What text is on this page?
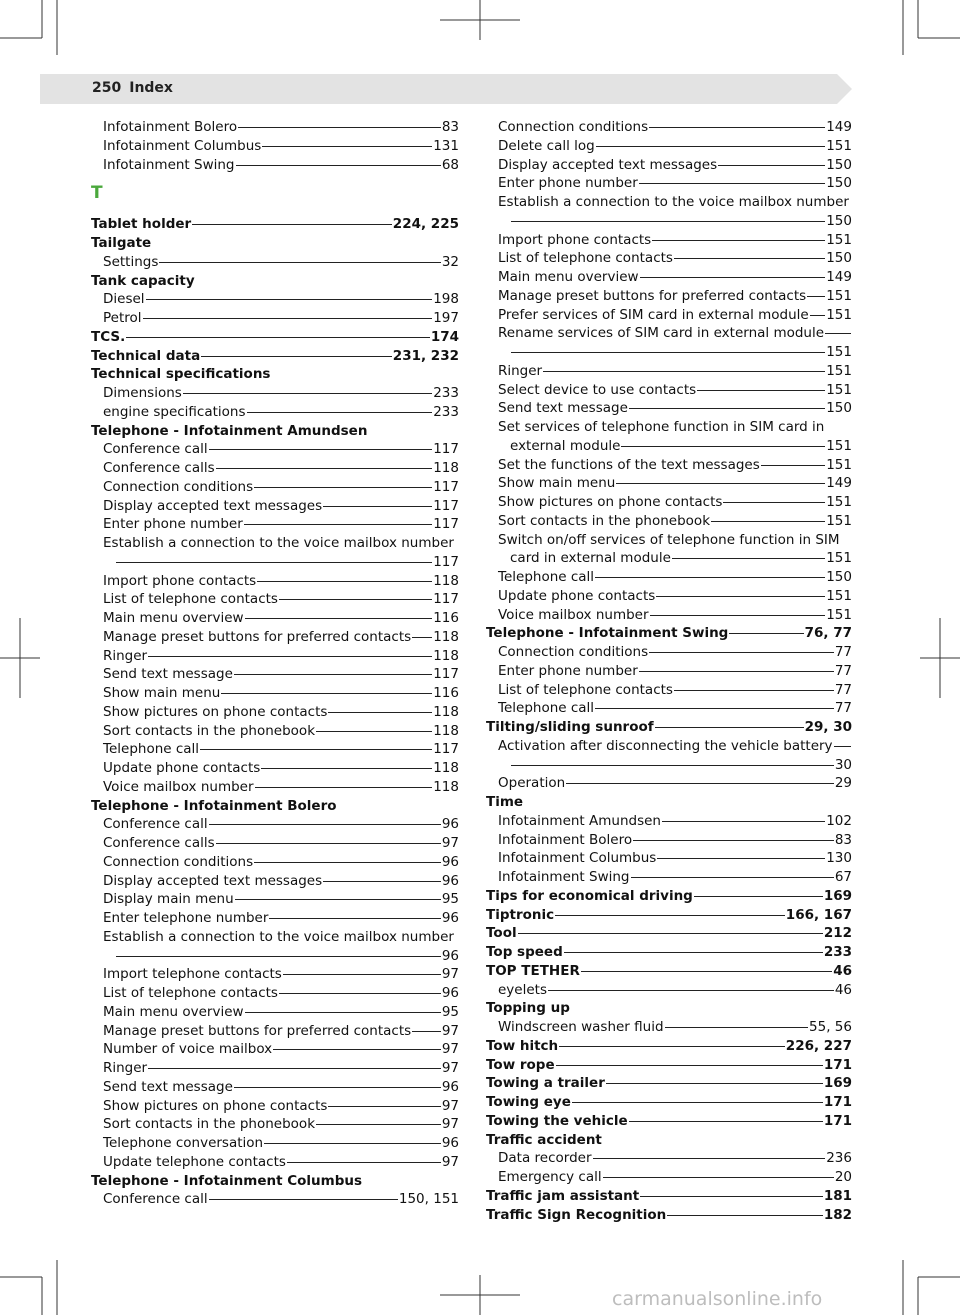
250 Index
Infotainment Bolero	83
Infotainment Columbus	131
Infotainment Swing	68
T
Tablet holder	224, 225
Tailgate
Settings	32
Tank capacity
Diesel	198
Petrol	197
TCS.	174
Technical data	231, 232
Technical specifications
Dimensions	233
engine specifications	233
Telephone - Infotainment Amundsen
Conference call	117
Conference calls	118
Connection conditions	117
Display accepted text messages	117
Enter phone number	117
Establish a connection to the voice mailbox number
117
Import phone contacts	118
List of telephone contacts	117
Main menu overview	116
Manage preset buttons for preferred contacts 118
Ringer	118
Send text message	117
Show main menu	116
Show pictures on phone contacts	118
Sort contacts in the phonebook	118
Telephone call	117
Update phone contacts	118
Voice mailbox number	118
Telephone - Infotainment Bolero
Conference call	96
Conference calls	97
Connection conditions	96
Display accepted text messages	96
Display main menu	95
Enter telephone number	96
Establish a connection to the voice mailbox number
96
Import telephone contacts	97
List of telephone contacts	96
Main menu overview	95
Manage preset buttons for preferred contacts 97
Number of voice mailbox	97
Ringer	97
Send text message	96
Show pictures on phone contacts	97
Sort contacts in the phonebook	97
Telephone conversation	96
Update telephone contacts	97
Telephone - Infotainment Columbus
Conference call	150, 151
Connection conditions	149
Delete call log	151
Display accepted text messages	150
Enter phone number	150
Establish a connection to the voice mailbox number
150
Import phone contacts	151
List of telephone contacts	150
Main menu overview	149
Manage preset buttons for preferred contacts 151
Prefer services of SIM card in external module 151
Rename services of SIM card in external module
151
Ringer	151
Select device to use contacts	151
Send text message	150
Set services of telephone function in SIM card in
external module	151
Set the functions of the text messages	151
Show main menu	149
Show pictures on phone contacts	151
Sort contacts in the phonebook	151
Switch on/off services of telephone function in SIM
card in external module	151
Telephone call	150
Update phone contacts	151
Voice mailbox number	151
Telephone - Infotainment Swing	76, 77
Connection conditions	77
Enter phone number	77
List of telephone contacts	77
Telephone call	77
Tilting/sliding sunroof	29, 30
Activation after disconnecting the vehicle battery
30
Operation	29
Time
Infotainment Amundsen	102
Infotainment Bolero	83
Infotainment Columbus	130
Infotainment Swing	67
Tips for economical driving	169
Tiptronic	166, 167
Tool	212
Top speed	233
TOP TETHER	46
eyelets	46
Topping up
Windscreen washer fluid	55, 56
Tow hitch	226, 227
Tow rope	171
Towing a trailer	169
Towing eye	171
Towing the vehicle	171
Traffic accident
Data recorder	236
Emergency call	20
Traffic jam assistant	181
Traffic Sign Recognition	182
carmanualsonline.info
